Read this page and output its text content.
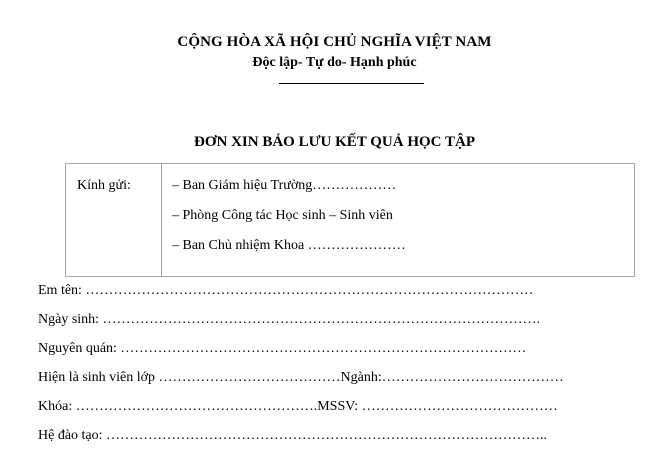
CỘNG HÒA XÃ HỘI CHỦ NGHĨA VIỆT NAM
Độc lập- Tự do- Hạnh phúc
ĐƠN XIN BẢO LƯU KẾT QUẢ HỌC TẬP
Kính gửi:	– Ban Giám hiệu Trường………………
– Phòng Công tác Học sinh – Sinh viên
– Ban Chủ nhiệm Khoa …………………
Em tên: ……………………………………………………………………………………
Ngày sinh: ………………………………………………………………………………….
Nguyên quán: ……………………………………………………………………………
Hiện là sinh viên lớp …………………………………Ngành:…………………………………
Khóa: …………………………………………….MSSV: ……………………………………
Hệ đào tạo: …………………………………………………………………………………..
